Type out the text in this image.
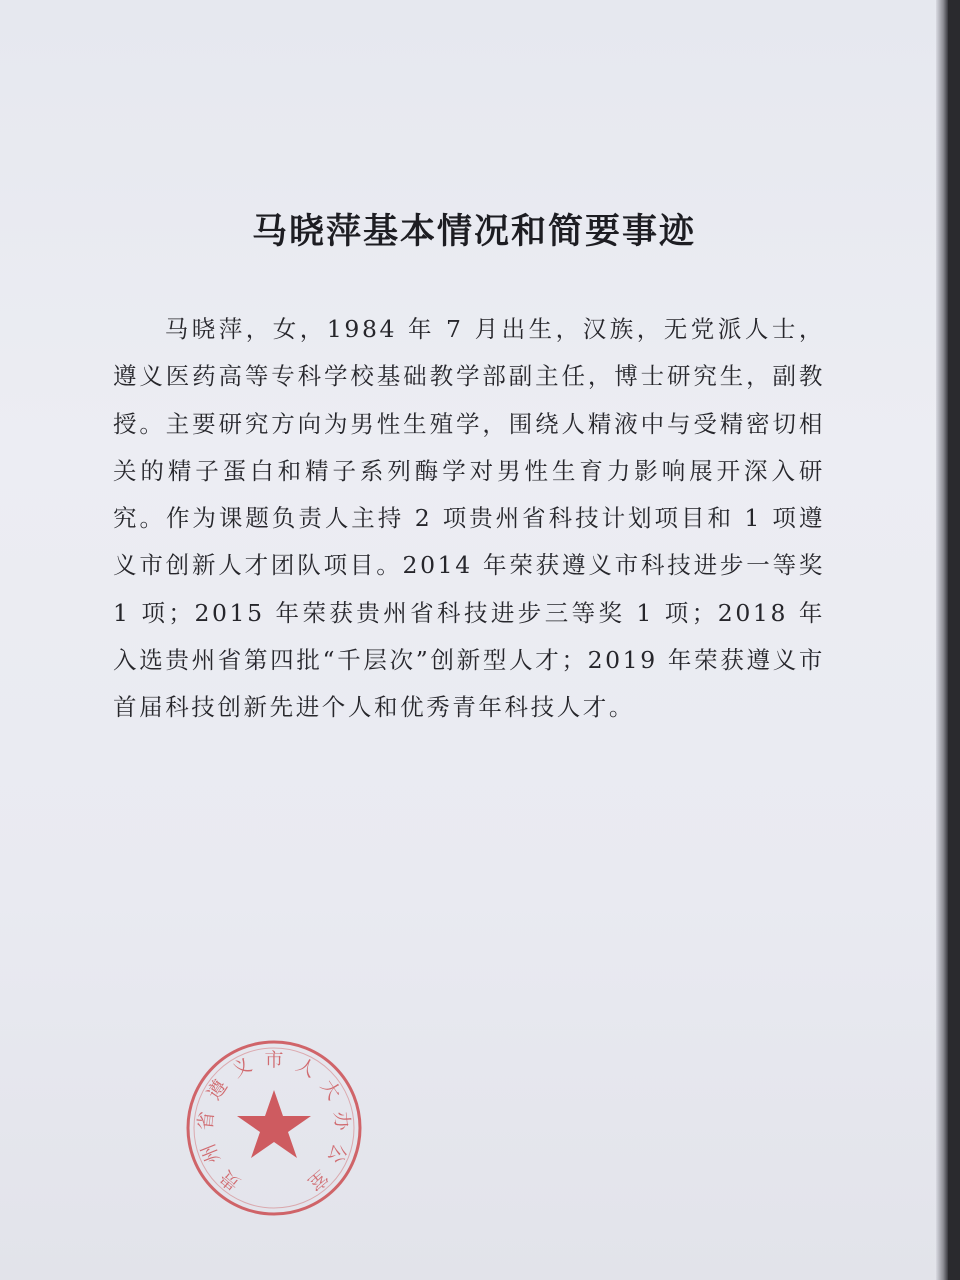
马晓萍基本情况和简要事迹

马晓萍，女，1984 年 7 月出生，汉族，无党派人士，遵义医药高等专科学校基础教学部副主任，博士研究生，副教授。主要研究方向为男性生殖学，围绕人精液中与受精密切相关的精子蛋白和精子系列酶学对男性生育力影响展开深入研究。作为课题负责人主持 2 项贵州省科技计划项目和 1 项遵义市创新人才团队项目。2014 年荣获遵义市科技进步一等奖 1 项；2015 年荣获贵州省科技进步三等奖 1 项；2018 年入选贵州省第四批“千层次”创新型人才；2019 年荣获遵义市首届科技创新先进个人和优秀青年科技人才。

贵
州
省
遵
义 市 人
大
办
公
室
